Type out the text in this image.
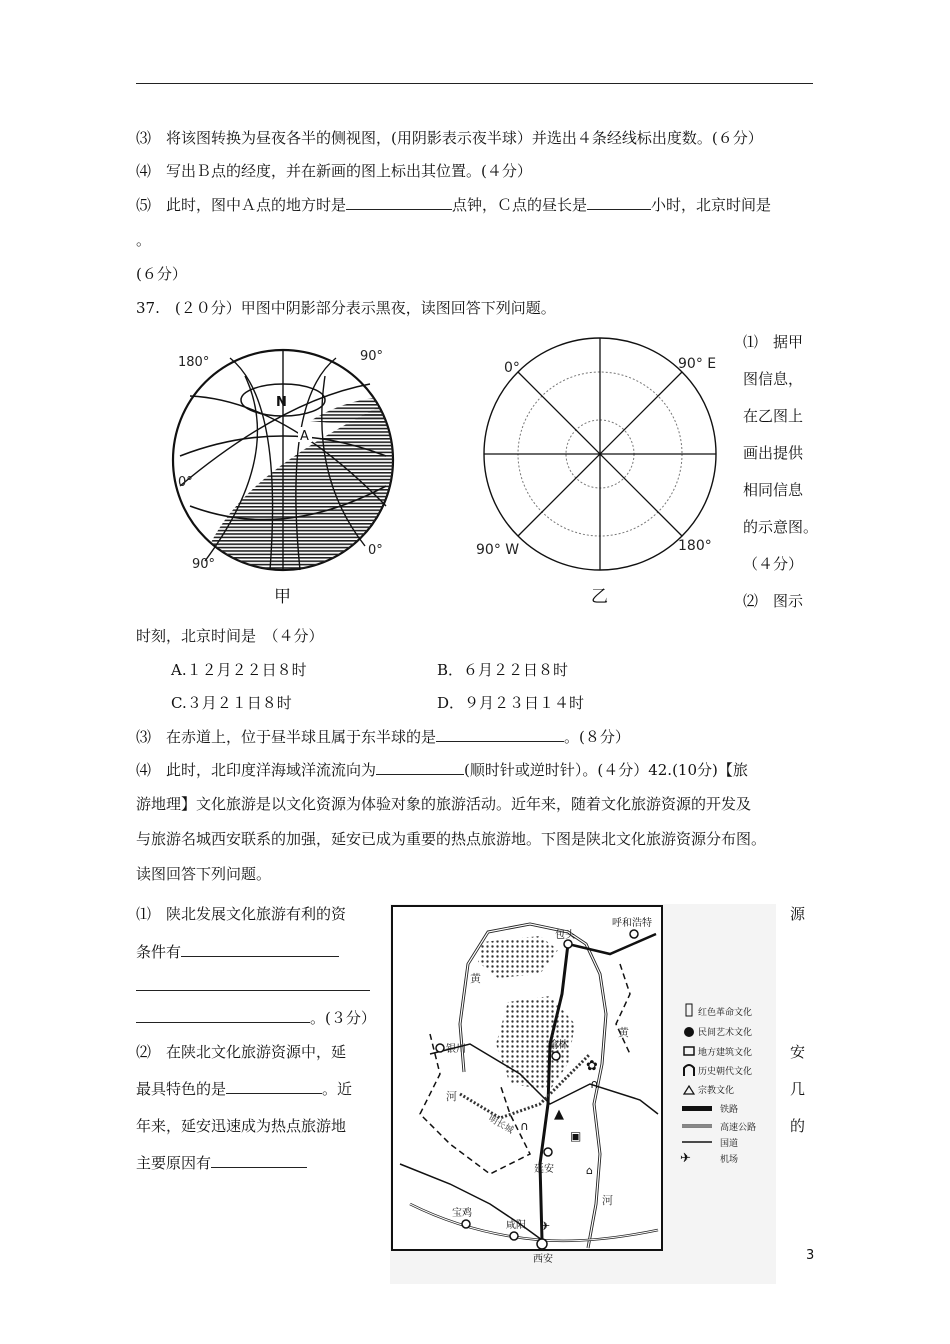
⑶　将该图转换为昼夜各半的侧视图，(用阴影表示夜半球）并选出４条经线标出度数。(６分）
⑷　写出Ｂ点的经度，并在新画的图上标出其位置。(４分）
⑸　此时，图中Ａ点的地方时是	点钟，Ｃ点的昼长是	小时，北京时间是
。
(６分）
37.　(２０分）甲图中阴影部分表示黑夜，读图回答下列问题。
180°	90°
N
A
0°
90°
0°
甲
0°	90° E
90° W	180°
乙
⑴　据甲
图信息，
在乙图上
画出提供
相同信息
的示意图。
（４分）
⑵　图示
时刻，北京时间是　（４分）
A.１２月２２日８时	B．６月２２日８时
C.３月２１日８时	D．９月２３日１４时
⑶　在赤道上，位于昼半球且属于东半球的是	。(８分）
⑷　此时，北印度洋海域洋流流向为	(顺时针或逆时针）。(４分）42.(10分)【旅
游地理】文化旅游是以文化资源为体验对象的旅游活动。近年来，随着文化旅游资源的开发及
与旅游名城西安联系的加强，延安已成为重要的热点旅游地。下图是陕北文化旅游资源分布图。
读图回答下列问题。
⑴　陕北发展文化旅游有利的资
条件有
。(３分）
⑵　在陕北文化旅游资源中，延
最具特色的是	。近
年来，延安迅速成为热点旅游地
主要原因有
源
安
几
的
包头
呼和浩特
银川	榆林
延安
宝鸡
咸阳
西安
黄
黄
河
河
明长城	▲
✿
▣
∩
∩
⌂
✈
✈
红色革命文化
民间艺术文化
地方建筑文化
历史朝代文化
宗教文化
铁路
高速公路
国道
机场
3
